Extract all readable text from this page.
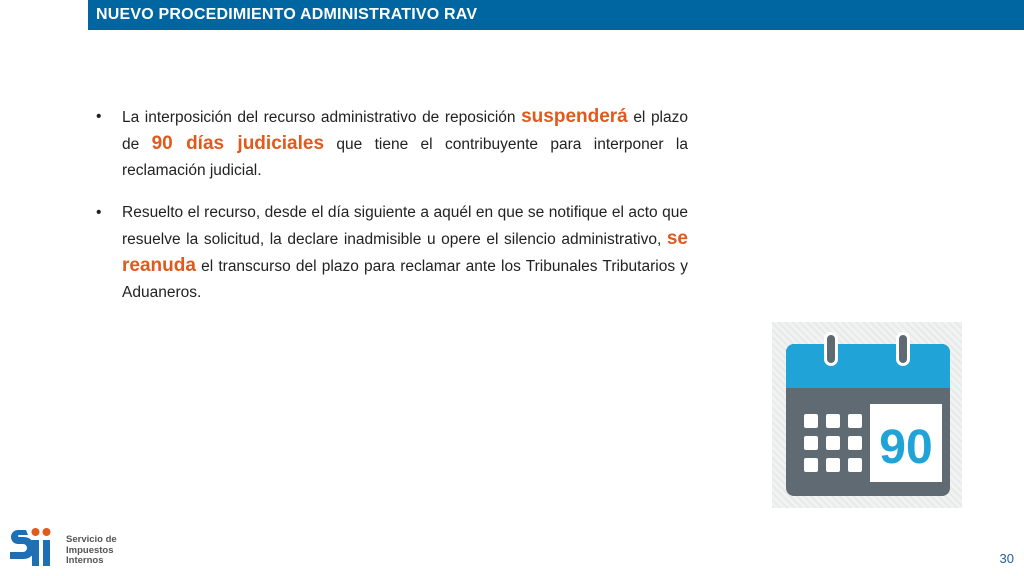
NUEVO PROCEDIMIENTO ADMINISTRATIVO RAV
• La interposición del recurso administrativo de reposición suspenderá el plazo de 90 días judiciales que tiene el contribuyente para interponer la reclamación judicial.
• Resuelto el recurso, desde el día siguiente a aquél en que se notifique el acto que resuelve la solicitud, la declare inadmisible u opere el silencio administrativo, se reanuda el transcurso del plazo para reclamar ante los Tribunales Tributarios y Aduaneros.
90
Servicio de
Impuestos
Internos	30
